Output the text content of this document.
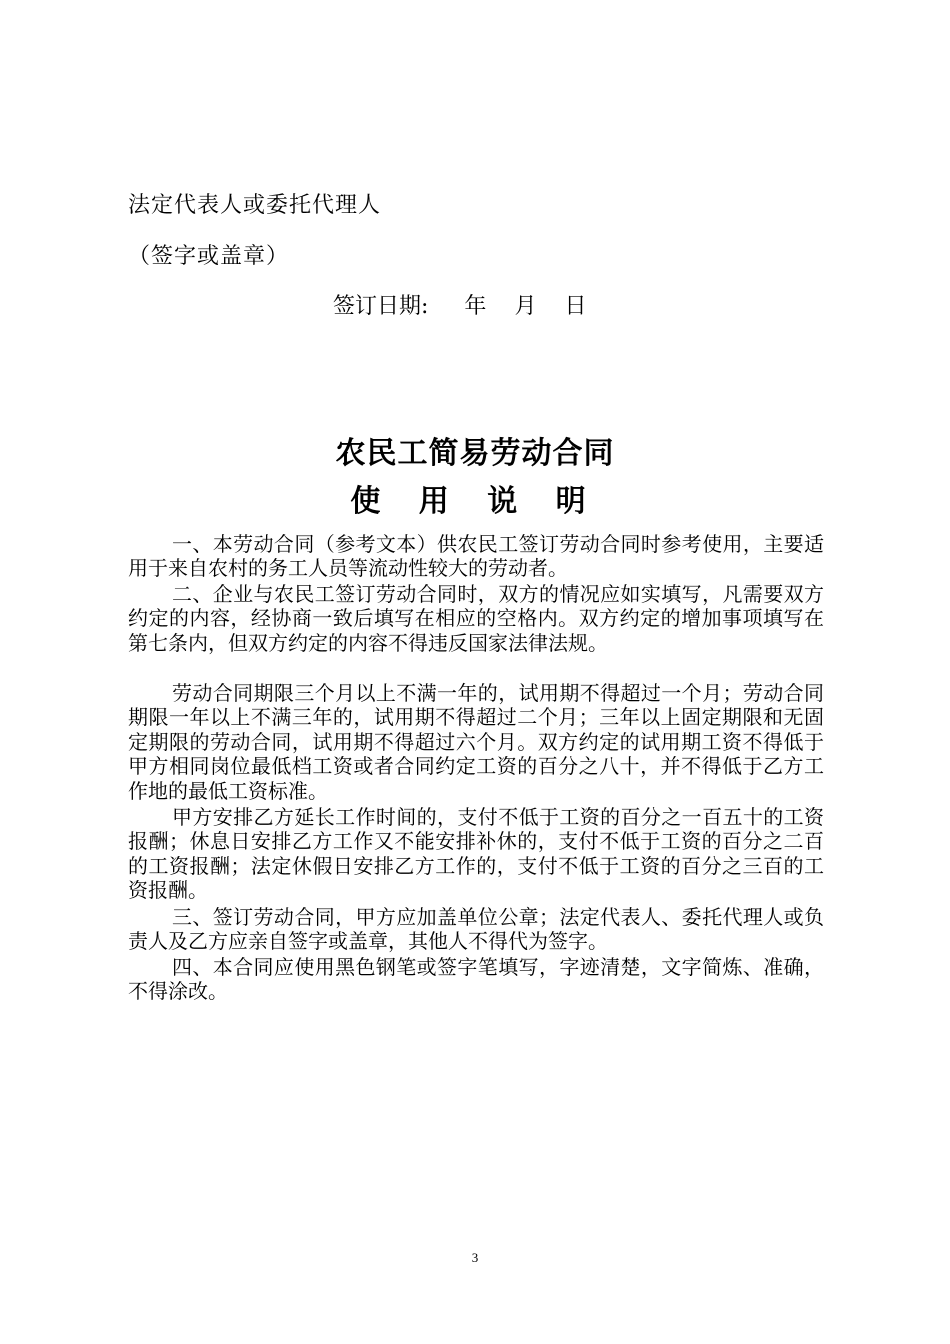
法定代表人或委托代理人
（签字或盖章）
签订日期: 年 月 日
农民工简易劳动合同
使 用 说 明

一、本劳动合同（参考文本）供农民工签订劳动合同时参考使用，主要适用于来自农村的务工人员等流动性较大的劳动者。

二、企业与农民工签订劳动合同时，双方的情况应如实填写，凡需要双方约定的内容，经协商一致后填写在相应的空格内。双方约定的增加事项填写在第七条内，但双方约定的内容不得违反国家法律法规。

劳动合同期限三个月以上不满一年的，试用期不得超过一个月；劳动合同期限一年以上不满三年的，试用期不得超过二个月；三年以上固定期限和无固定期限的劳动合同，试用期不得超过六个月。双方约定的试用期工资不得低于甲方相同岗位最低档工资或者合同约定工资的百分之八十，并不得低于乙方工作地的最低工资标准。

甲方安排乙方延长工作时间的，支付不低于工资的百分之一百五十的工资报酬；休息日安排乙方工作又不能安排补休的，支付不低于工资的百分之二百的工资报酬；法定休假日安排乙方工作的，支付不低于工资的百分之三百的工资报酬。

三、签订劳动合同，甲方应加盖单位公章；法定代表人、委托代理人或负责人及乙方应亲自签字或盖章，其他人不得代为签字。

四、本合同应使用黑色钢笔或签字笔填写，字迹清楚，文字简炼、准确，不得涂改。

3
